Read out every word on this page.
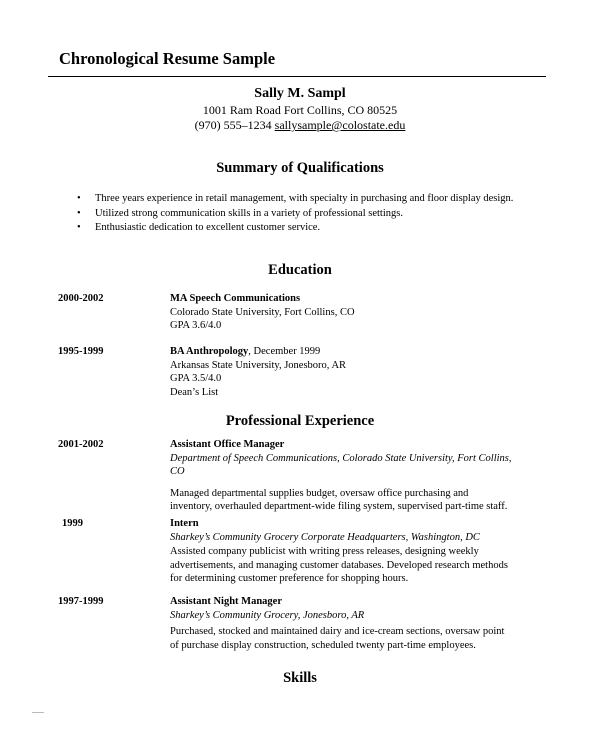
Chronological Resume Sample
Sally M. Sampl
1001 Ram Road Fort Collins, CO 80525
(970) 555–1234 sallysample@colostate.edu
Summary of Qualifications
• Three years experience in retail management, with specialty in purchasing and floor display design.
• Utilized strong communication skills in a variety of professional settings.
• Enthusiastic dedication to excellent customer service.
Education
2000-2002	MA Speech Communications
Colorado State University, Fort Collins, CO
GPA 3.6/4.0
1995-1999	BA Anthropology, December 1999
Arkansas State University, Jonesboro, AR
GPA 3.5/4.0
Dean’s List
Professional Experience
2001-2002	Assistant Office Manager
Department of Speech Communications, Colorado State University, Fort Collins,
CO
Managed departmental supplies budget, oversaw office purchasing and
inventory, overhauled department-wide filing system, supervised part-time staff.
1999	Intern
Sharkey’s Community Grocery Corporate Headquarters, Washington, DC
Assisted company publicist with writing press releases, designing weekly
advertisements, and managing customer databases. Developed research methods
for determining customer preference for shopping hours.
1997-1999	Assistant Night Manager
Sharkey’s Community Grocery, Jonesboro, AR
Purchased, stocked and maintained dairy and ice-cream sections, oversaw point
of purchase display construction, scheduled twenty part-time employees.
Skills
